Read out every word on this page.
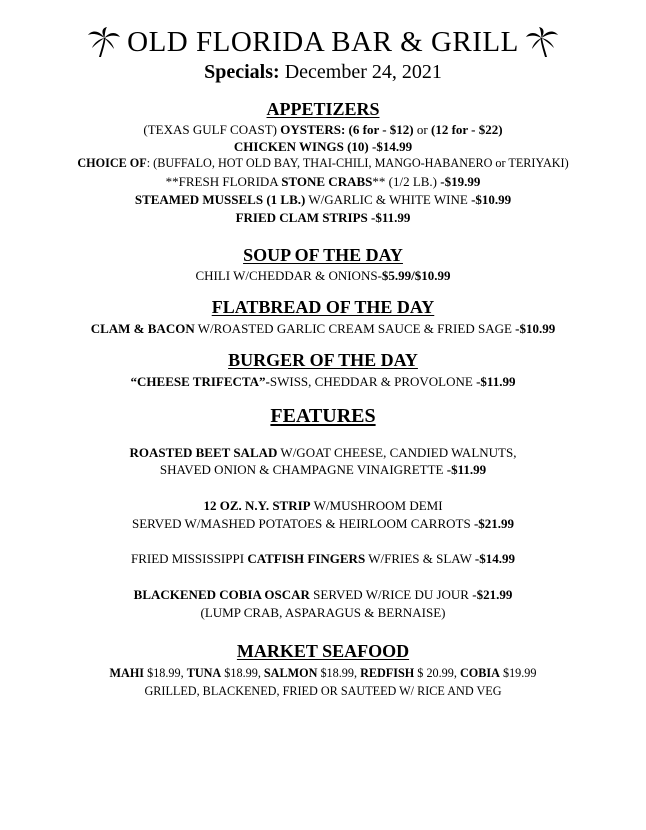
OLD FLORIDA BAR & GRILL
Specials: December 24, 2021
APPETIZERS
(TEXAS GULF COAST) OYSTERS: (6 for - $12) or (12 for - $22)
CHICKEN WINGS (10) -$14.99
CHOICE OF: (BUFFALO, HOT OLD BAY, THAI-CHILI, MANGO-HABANERO or TERIYAKI)
**FRESH FLORIDA STONE CRABS** (1/2 LB.) -$19.99
STEAMED MUSSELS (1 LB.) W/GARLIC & WHITE WINE -$10.99
FRIED CLAM STRIPS -$11.99
SOUP OF THE DAY
CHILI W/CHEDDAR & ONIONS-$5.99/$10.99
FLATBREAD OF THE DAY
CLAM & BACON W/ROASTED GARLIC CREAM SAUCE & FRIED SAGE -$10.99
BURGER OF THE DAY
“CHEESE TRIFECTA”-SWISS, CHEDDAR & PROVOLONE -$11.99
FEATURES
ROASTED BEET SALAD W/GOAT CHEESE, CANDIED WALNUTS,
SHAVED ONION & CHAMPAGNE VINAIGRETTE -$11.99
12 OZ. N.Y. STRIP W/MUSHROOM DEMI
SERVED W/MASHED POTATOES & HEIRLOOM CARROTS -$21.99
FRIED MISSISSIPPI CATFISH FINGERS W/FRIES & SLAW -$14.99
BLACKENED COBIA OSCAR SERVED W/RICE DU JOUR -$21.99
(LUMP CRAB, ASPARAGUS & BERNAISE)
MARKET SEAFOOD
MAHI $18.99, TUNA $18.99, SALMON $18.99, REDFISH $ 20.99, COBIA $19.99
GRILLED, BLACKENED, FRIED OR SAUTEED W/ RICE AND VEG
